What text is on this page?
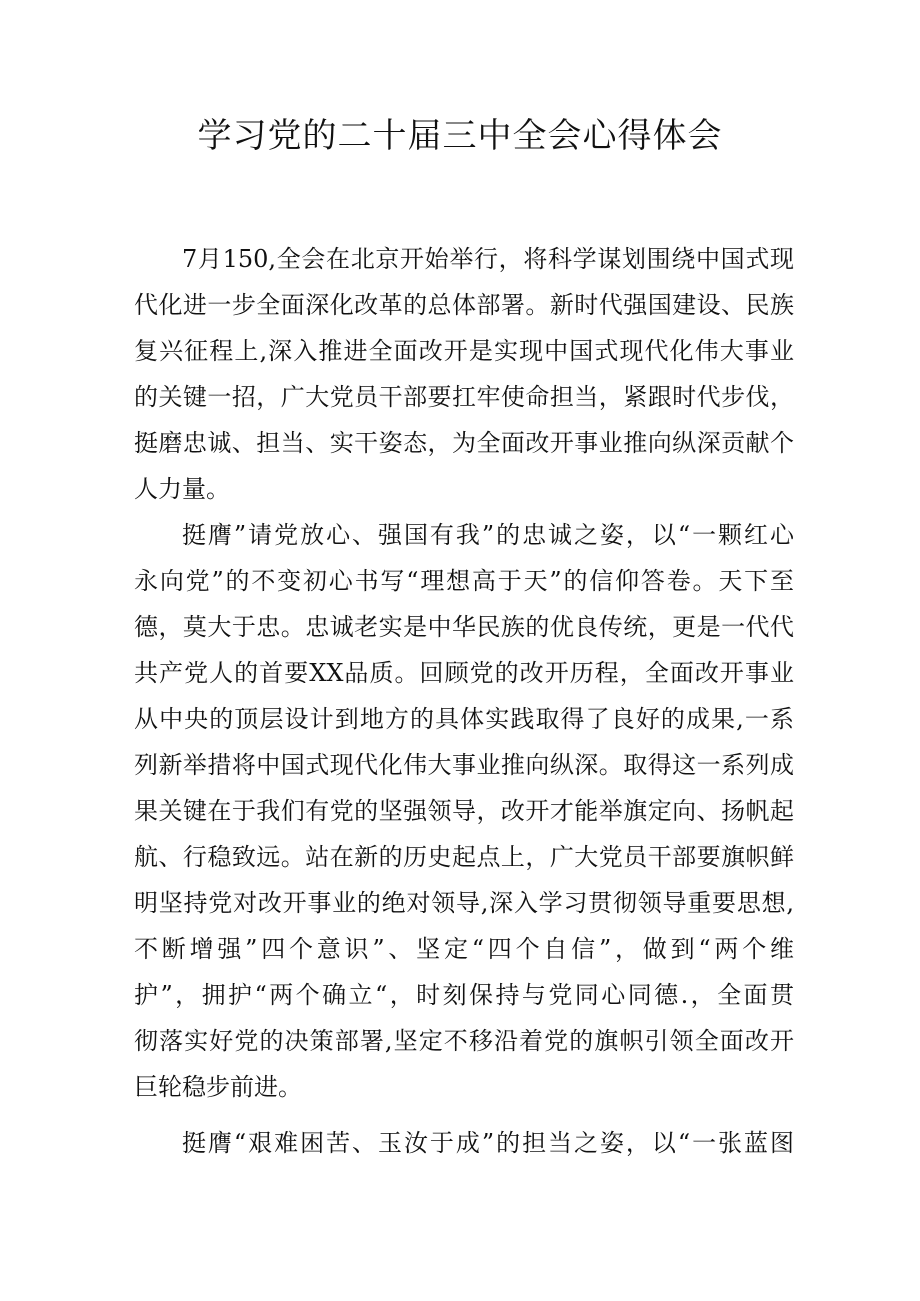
学习党的二十届三中全会心得体会
7月150,全会在北京开始举行，将科学谋划围绕中国式现
代化进一步全面深化改革的总体部署。新时代强国建设、民族
复兴征程上,深入推进全面改开是实现中国式现代化伟大事业
的关键一招，广大党员干部要扛牢使命担当，紧跟时代步伐，
挺磨忠诚、担当、实干姿态，为全面改开事业推向纵深贡献个
人力量。
挺膺”请党放心、强国有我”的忠诚之姿，以“一颗红心
永向党”的不变初心书写“理想高于天”的信仰答卷。天下至
德，莫大于忠。忠诚老实是中华民族的优良传统，更是一代代
共产党人的首要XX品质。回顾党的改开历程，全面改开事业
从中央的顶层设计到地方的具体实践取得了良好的成果,一系
列新举措将中国式现代化伟大事业推向纵深。取得这一系列成
果关键在于我们有党的坚强领导，改开才能举旗定向、扬帆起
航、行稳致远。站在新的历史起点上，广大党员干部要旗帜鲜
明坚持党对改开事业的绝对领导,深入学习贯彻领导重要思想,
不断增强”四个意识”、坚定“四个自信”，做到“两个维
护”，拥护“两个确立“，时刻保持与党同心同德.，全面贯
彻落实好党的决策部署,坚定不移沿着党的旗帜引领全面改开
巨轮稳步前进。
挺膺“艰难困苦、玉汝于成”的担当之姿，以“一张蓝图
